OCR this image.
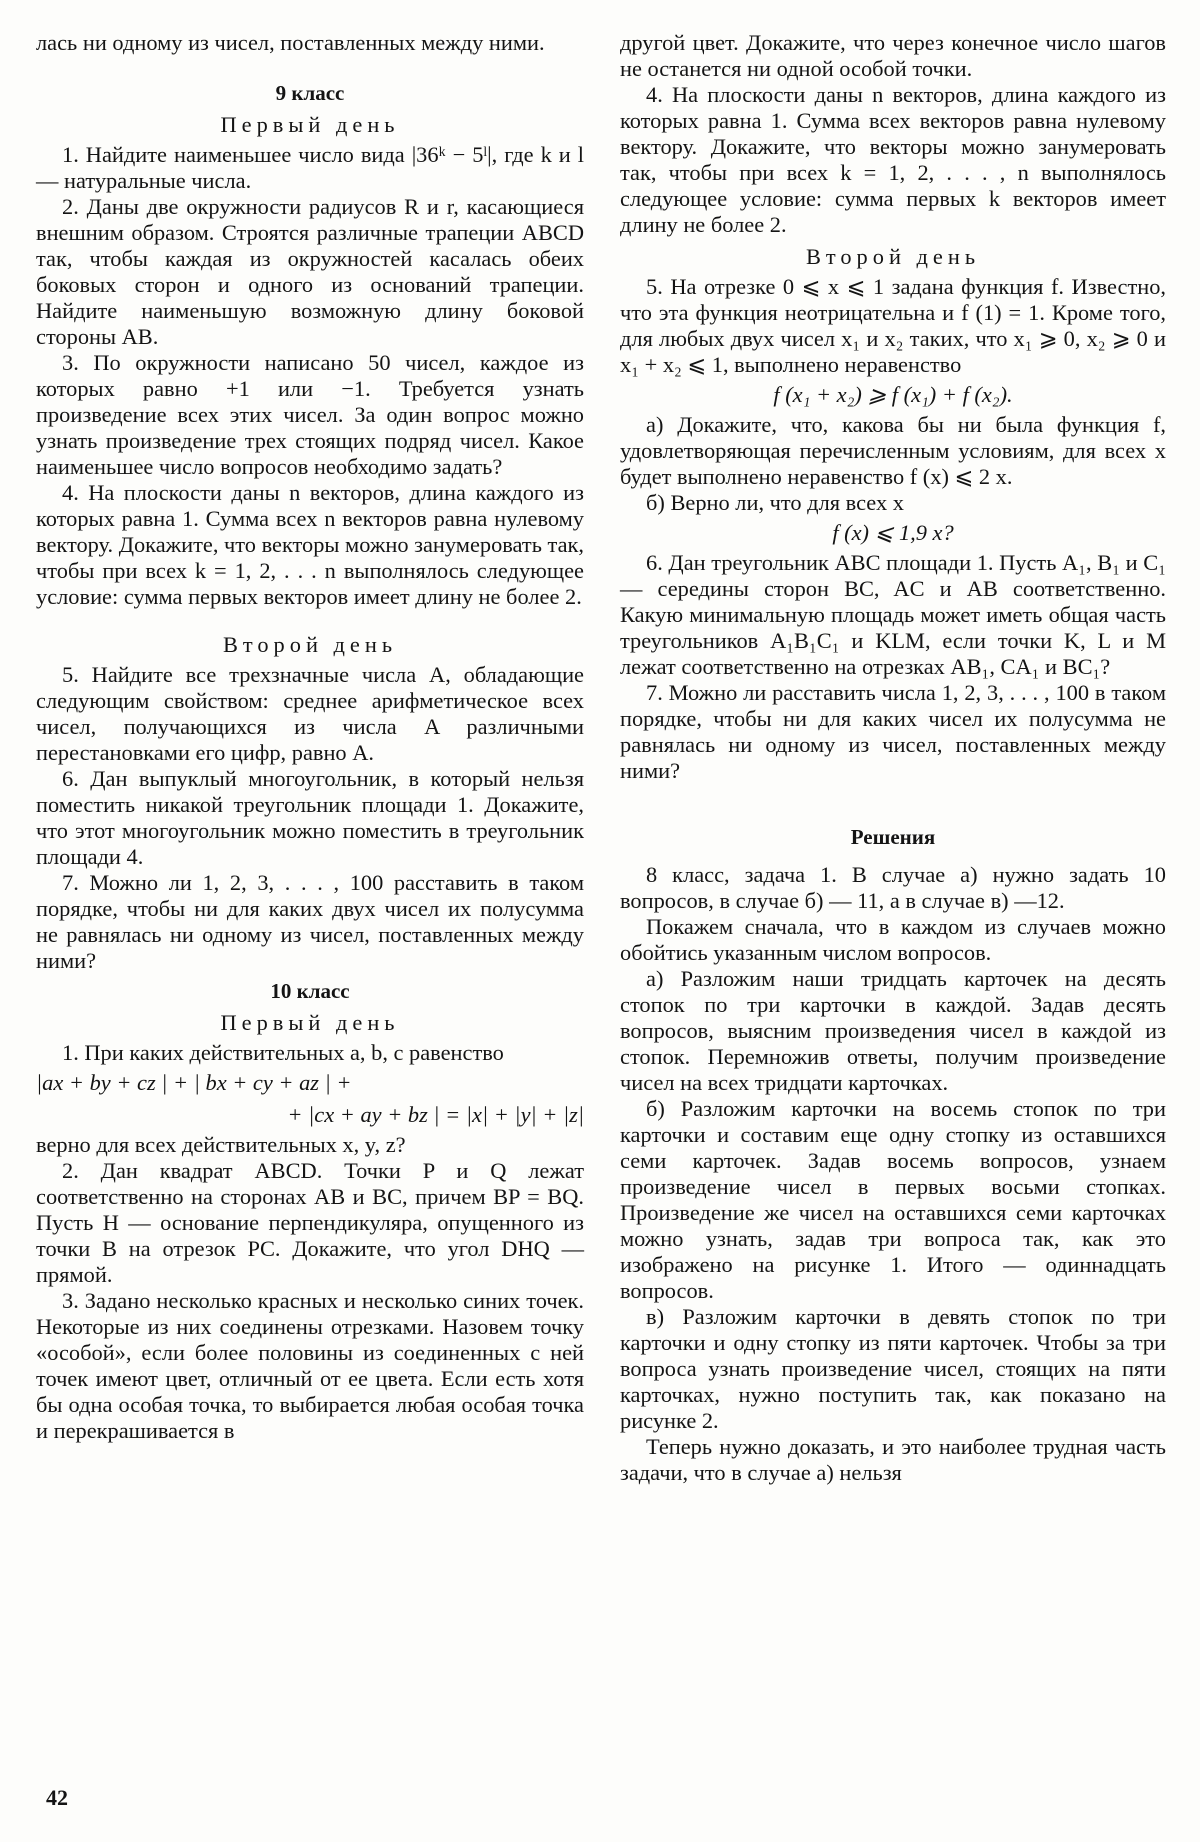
лась ни одному из чисел, поставленных между ними.

9 класс
Первый день

1. Найдите наименьшее число вида |36ᵏ − 5ˡ|, где k и l — натуральные числа.

2. Даны две окружности радиусов R и r, касающиеся внешним образом. Строятся различные трапеции ABCD так, чтобы каждая из окружностей касалась обеих боковых сторон и одного из оснований трапеции. Найдите наименьшую возможную длину боковой стороны AB.

3. По окружности написано 50 чисел, каждое из которых равно +1 или −1. Требуется узнать произведение всех этих чисел. За один вопрос можно узнать произведение трех стоящих подряд чисел. Какое наименьшее число вопросов необходимо задать?

4. На плоскости даны n векторов, длина каждого из которых равна 1. Сумма всех n векторов равна нулевому вектору. Докажите, что векторы можно занумеровать так, чтобы при всех k = 1, 2, . . . n выполнялось следующее условие: сумма первых векторов имеет длину не более 2.

Второй день

5. Найдите все трехзначные числа A, обладающие следующим свойством: среднее арифметическое всех чисел, получающихся из числа A различными перестановками его цифр, равно A.

6. Дан выпуклый многоугольник, в который нельзя поместить никакой треугольник площади 1. Докажите, что этот многоугольник можно поместить в треугольник площади 4.

7. Можно ли 1, 2, 3, . . . , 100 расставить в таком порядке, чтобы ни для каких двух чисел их полусумма не равнялась ни одному из чисел, поставленных между ними?

10 класс
Первый день

1. При каких действительных a, b, c равенство

|ax + by + cz | + | bx + cy + az | +
+ |cx + ay + bz | = |x| + |y| + |z|

верно для всех действительных x, y, z?

2. Дан квадрат ABCD. Точки P и Q лежат соответственно на сторонах AB и BC, причем BP = BQ. Пусть H — основание перпендикуляра, опущенного из точки B на отрезок PC. Докажите, что угол DHQ — прямой.

3. Задано несколько красных и несколько синих точек. Некоторые из них соединены отрезками. Назовем точку «особой», если более половины из соединенных с ней точек имеют цвет, отличный от ее цвета. Если есть хотя бы одна особая точка, то выбирается любая особая точка и перекрашивается в

другой цвет. Докажите, что через конечное число шагов не останется ни одной особой точки.

4. На плоскости даны n векторов, длина каждого из которых равна 1. Сумма всех векторов равна нулевому вектору. Докажите, что векторы можно занумеровать так, чтобы при всех k = 1, 2, . . . , n выполнялось следующее условие: сумма первых k векторов имеет длину не более 2.

Второй день

5. На отрезке 0 ⩽ x ⩽ 1 задана функция f. Известно, что эта функция неотрицательна и f (1) = 1. Кроме того, для любых двух чисел x₁ и x₂ таких, что x₁ ⩾ 0, x₂ ⩾ 0 и x₁ + x₂ ⩽ 1, выполнено неравенство

f (x₁ + x₂) ⩾ f (x₁) + f (x₂).

а) Докажите, что, какова бы ни была функция f, удовлетворяющая перечисленным условиям, для всех x будет выполнено неравенство f (x) ⩽ 2 x.

б) Верно ли, что для всех x

f (x) ⩽ 1,9 x?

6. Дан треугольник ABC площади 1. Пусть A₁, B₁ и C₁ — середины сторон BC, AC и AB соответственно. Какую минимальную площадь может иметь общая часть треугольников A₁B₁C₁ и KLM, если точки K, L и M лежат соответственно на отрезках AB₁, CA₁ и BC₁?

7. Можно ли расставить числа 1, 2, 3, . . . , 100 в таком порядке, чтобы ни для каких чисел их полусумма не равнялась ни одному из чисел, поставленных между ними?

Решения

8 класс, задача 1. В случае а) нужно задать 10 вопросов, в случае б) — 11, а в случае в) —12.

Покажем сначала, что в каждом из случаев можно обойтись указанным числом вопросов.

а) Разложим наши тридцать карточек на десять стопок по три карточки в каждой. Задав десять вопросов, выясним произведения чисел в каждой из стопок. Перемножив ответы, получим произведение чисел на всех тридцати карточках.

б) Разложим карточки на восемь стопок по три карточки и составим еще одну стопку из оставшихся семи карточек. Задав восемь вопросов, узнаем произведение чисел в первых восьми стопках. Произведение же чисел на оставшихся семи карточках можно узнать, задав три вопроса так, как это изображено на рисунке 1. Итого — одиннадцать вопросов.

в) Разложим карточки в девять стопок по три карточки и одну стопку из пяти карточек. Чтобы за три вопроса узнать произведение чисел, стоящих на пяти карточках, нужно поступить так, как показано на рисунке 2.

Теперь нужно доказать, и это наиболее трудная часть задачи, что в случае а) нельзя

42
